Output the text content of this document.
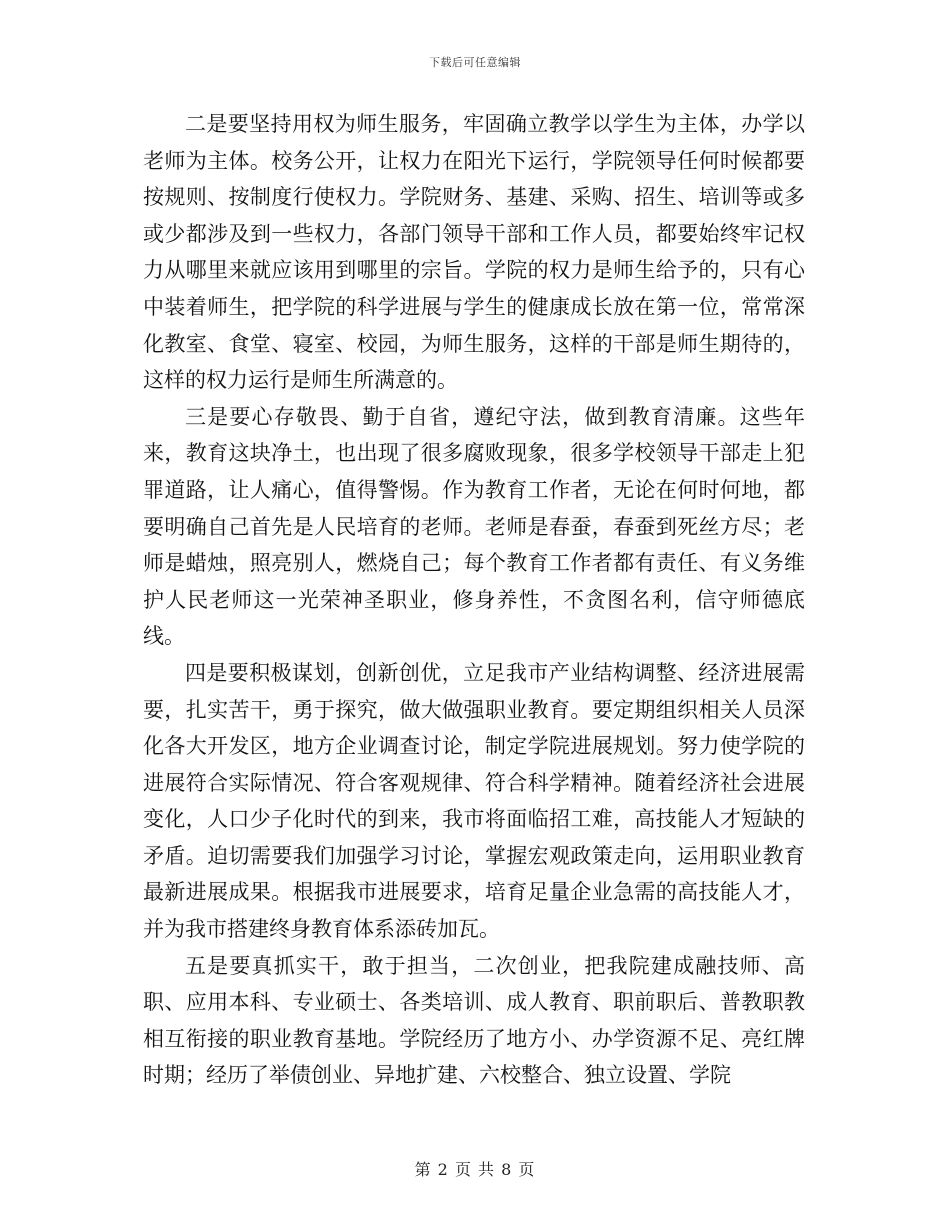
下载后可任意编辑

二是要坚持用权为师生服务，牢固确立教学以学生为主体，办学以老师为主体。校务公开，让权力在阳光下运行，学院领导任何时候都要按规则、按制度行使权力。学院财务、基建、采购、招生、培训等或多或少都涉及到一些权力，各部门领导干部和工作人员，都要始终牢记权力从哪里来就应该用到哪里的宗旨。学院的权力是师生给予的，只有心中装着师生，把学院的科学进展与学生的健康成长放在第一位，常常深化教室、食堂、寝室、校园，为师生服务，这样的干部是师生期待的，这样的权力运行是师生所满意的。

三是要心存敬畏、勤于自省，遵纪守法，做到教育清廉。这些年来，教育这块净土，也出现了很多腐败现象，很多学校领导干部走上犯罪道路，让人痛心，值得警惕。作为教育工作者，无论在何时何地，都要明确自己首先是人民培育的老师。老师是春蚕，春蚕到死丝方尽；老师是蜡烛，照亮别人，燃烧自己；每个教育工作者都有责任、有义务维护人民老师这一光荣神圣职业，修身养性，不贪图名利，信守师德底线。

四是要积极谋划，创新创优，立足我市产业结构调整、经济进展需要，扎实苦干，勇于探究，做大做强职业教育。要定期组织相关人员深化各大开发区，地方企业调查讨论，制定学院进展规划。努力使学院的进展符合实际情况、符合客观规律、符合科学精神。随着经济社会进展变化，人口少子化时代的到来，我市将面临招工难，高技能人才短缺的矛盾。迫切需要我们加强学习讨论，掌握宏观政策走向，运用职业教育最新进展成果。根据我市进展要求，培育足量企业急需的高技能人才，并为我市搭建终身教育体系添砖加瓦。

五是要真抓实干，敢于担当，二次创业，把我院建成融技师、高职、应用本科、专业硕士、各类培训、成人教育、职前职后、普教职教相互衔接的职业教育基地。学院经历了地方小、办学资源不足、亮红牌时期；经历了举债创业、异地扩建、六校整合、独立设置、学院

第 2 页 共 8 页
